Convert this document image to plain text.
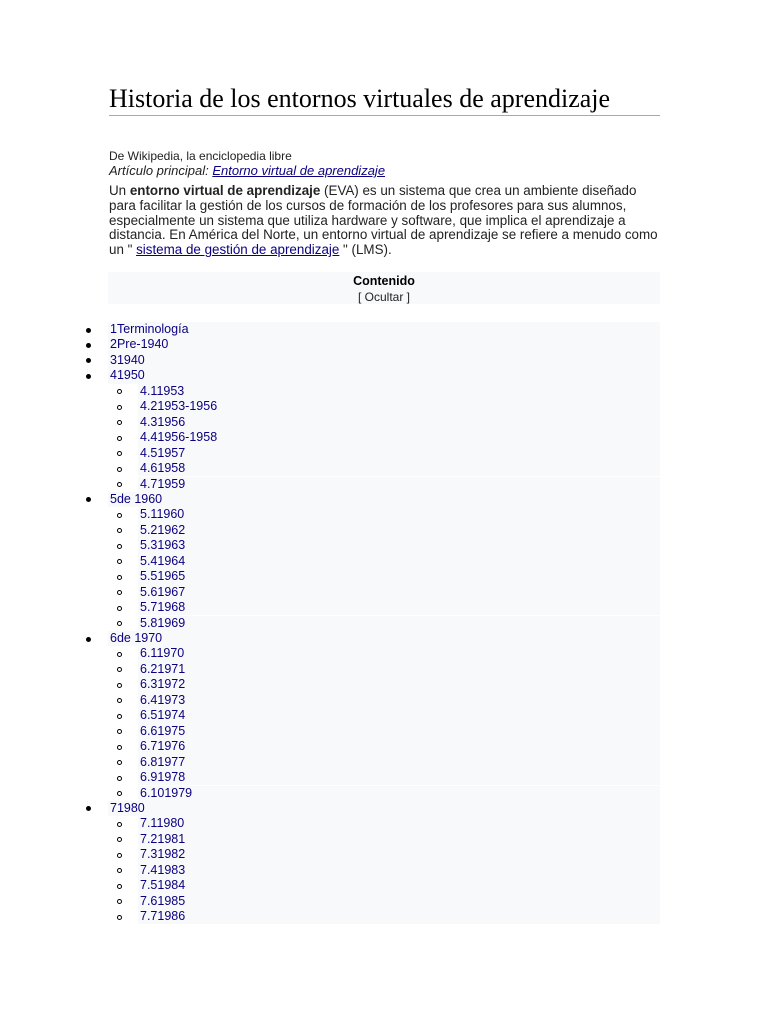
Historia de los entornos virtuales de aprendizaje
De Wikipedia, la enciclopedia libre
Artículo principal: Entorno virtual de aprendizaje

Un entorno virtual de aprendizaje (EVA) es un sistema que crea un ambiente diseñado para facilitar la gestión de los cursos de formación de los profesores para sus alumnos, especialmente un sistema que utiliza hardware y software, que implica el aprendizaje a distancia. En América del Norte, un entorno virtual de aprendizaje se refiere a menudo como un " sistema de gestión de aprendizaje " (LMS).

Contenido
[ Ocultar ]
1Terminología
2Pre-1940
31940
41950
4.11953
4.21953-1956
4.31956
4.41956-1958
4.51957
4.61958
4.71959
5de 1960
5.11960
5.21962
5.31963
5.41964
5.51965
5.61967
5.71968
5.81969
6de 1970
6.11970
6.21971
6.31972
6.41973
6.51974
6.61975
6.71976
6.81977
6.91978
6.101979
71980
7.11980
7.21981
7.31982
7.41983
7.51984
7.61985
7.71986
